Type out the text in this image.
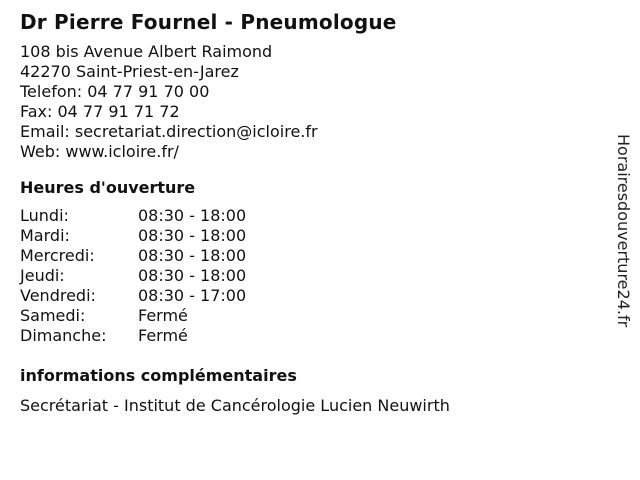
Dr Pierre Fournel - Pneumologue
108 bis Avenue Albert Raimond
42270 Saint-Priest-en-Jarez
Telefon: 04 77 91 70 00
Fax: 04 77 91 71 72
Email: secretariat.direction@icloire.fr
Web: www.icloire.fr/
Heures d'ouverture
Lundi:	08:30 - 18:00
Mardi:	08:30 - 18:00
Mercredi:	08:30 - 18:00
Jeudi:	08:30 - 18:00
Vendredi:	08:30 - 17:00
Samedi:	Fermé
Dimanche:	Fermé
informations complémentaires
Secrétariat - Institut de Cancérologie Lucien Neuwirth
Horairesdouverture24.fr
